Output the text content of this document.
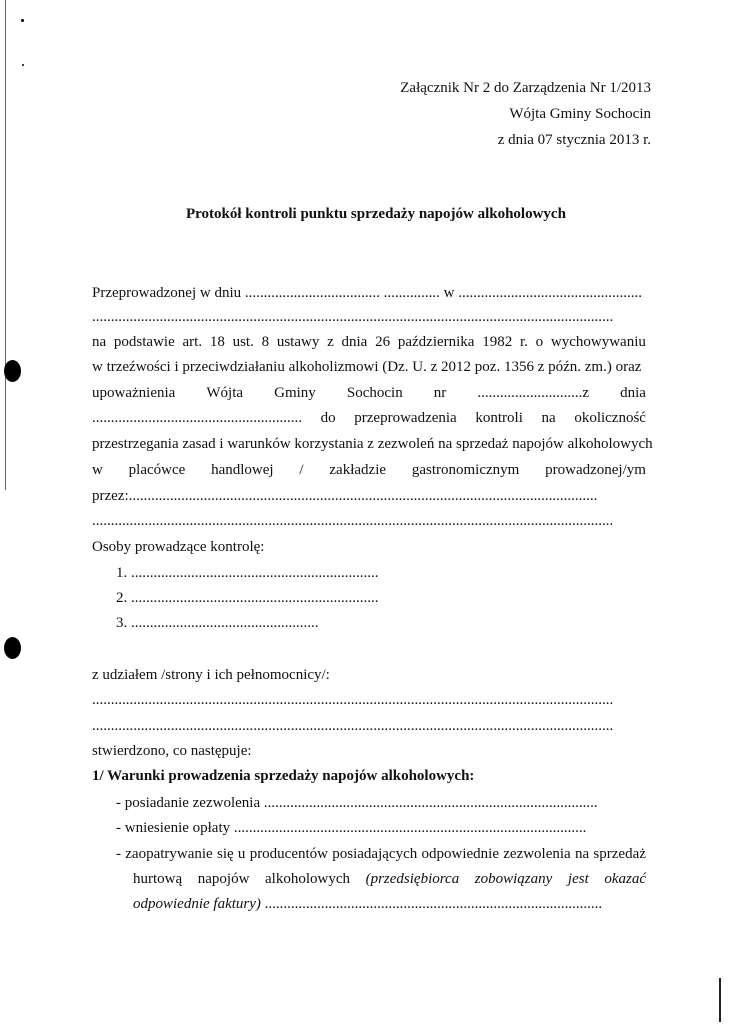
Załącznik Nr 2 do Zarządzenia Nr 1/2013
Wójta Gminy Sochocin
z dnia 07 stycznia 2013 r.
Protokół kontroli punktu sprzedaży napojów alkoholowych
Przeprowadzonej w dniu .................................... ............... w .................................................
...........................................................................................................................................
na podstawie art. 18 ust. 8 ustawy z dnia 26 października 1982 r. o wychowywaniu
w trzeźwości i przeciwdziałaniu alkoholizmowi (Dz. U. z 2012 poz. 1356 z późn. zm.) oraz
upoważnienia Wójta Gminy Sochocin nr ............................z dnia
........................................................ do przeprowadzenia kontroli na okoliczność
przestrzegania zasad i warunków korzystania z zezwoleń na sprzedaż napojów alkoholowych
w placówce handlowej / zakładzie gastronomicznym prowadzonej/ym
przez:.............................................................................................................................
...........................................................................................................................................
Osoby prowadzące kontrolę:
1. ..................................................................
2. ..................................................................
3. ..................................................
z udziałem /strony i ich pełnomocnicy/:
...........................................................................................................................................
...........................................................................................................................................
stwierdzono, co następuje:
1/ Warunki prowadzenia sprzedaży napojów alkoholowych:
- posiadanie zezwolenia .........................................................................................
- wniesienie opłaty ..............................................................................................
- zaopatrywanie się u producentów posiadających odpowiednie zezwolenia na sprzedaż
hurtową napojów alkoholowych (przedsiębiorca zobowiązany jest okazać
odpowiednie faktury) ..........................................................................................
